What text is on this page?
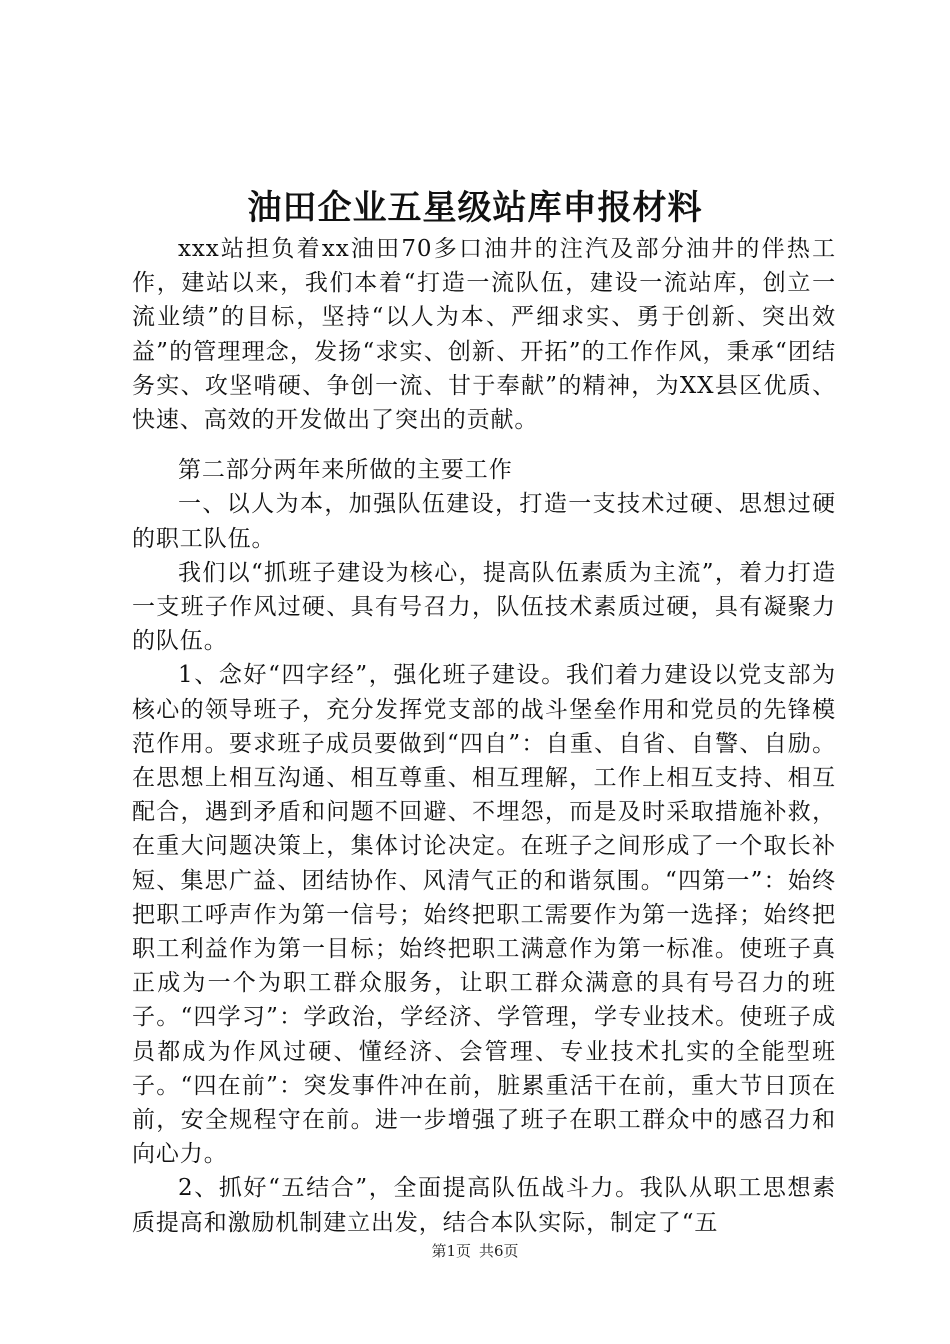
油田企业五星级站库申报材料

xxx站担负着xx油田70多口油井的注汽及部分油井的伴热工作，建站以来，我们本着“打造一流队伍，建设一流站库，创立一流业绩”的目标，坚持“以人为本、严细求实、勇于创新、突出效益”的管理理念，发扬“求实、创新、开拓”的工作作风，秉承“团结务实、攻坚啃硬、争创一流、甘于奉献”的精神，为XX县区优质、快速、高效的开发做出了突出的贡献。

第二部分两年来所做的主要工作

一、以人为本，加强队伍建设，打造一支技术过硬、思想过硬的职工队伍。

我们以“抓班子建设为核心，提高队伍素质为主流”，着力打造一支班子作风过硬、具有号召力，队伍技术素质过硬，具有凝聚力的队伍。

1、念好“四字经”，强化班子建设。我们着力建设以党支部为核心的领导班子，充分发挥党支部的战斗堡垒作用和党员的先锋模范作用。要求班子成员要做到“四自”：自重、自省、自警、自励。在思想上相互沟通、相互尊重、相互理解，工作上相互支持、相互配合，遇到矛盾和问题不回避、不埋怨，而是及时采取措施补救，在重大问题决策上，集体讨论决定。在班子之间形成了一个取长补短、集思广益、团结协作、风清气正的和谐氛围。“四第一”：始终把职工呼声作为第一信号；始终把职工需要作为第一选择；始终把职工利益作为第一目标；始终把职工满意作为第一标准。使班子真正成为一个为职工群众服务，让职工群众满意的具有号召力的班子。“四学习”：学政治，学经济、学管理，学专业技术。使班子成员都成为作风过硬、懂经济、会管理、专业技术扎实的全能型班子。“四在前”：突发事件冲在前，脏累重活干在前，重大节日顶在前，安全规程守在前。进一步增强了班子在职工群众中的感召力和向心力。

2、抓好“五结合”，全面提高队伍战斗力。我队从职工思想素质提高和激励机制建立出发，结合本队实际，制定了“五

第1页 共6页
